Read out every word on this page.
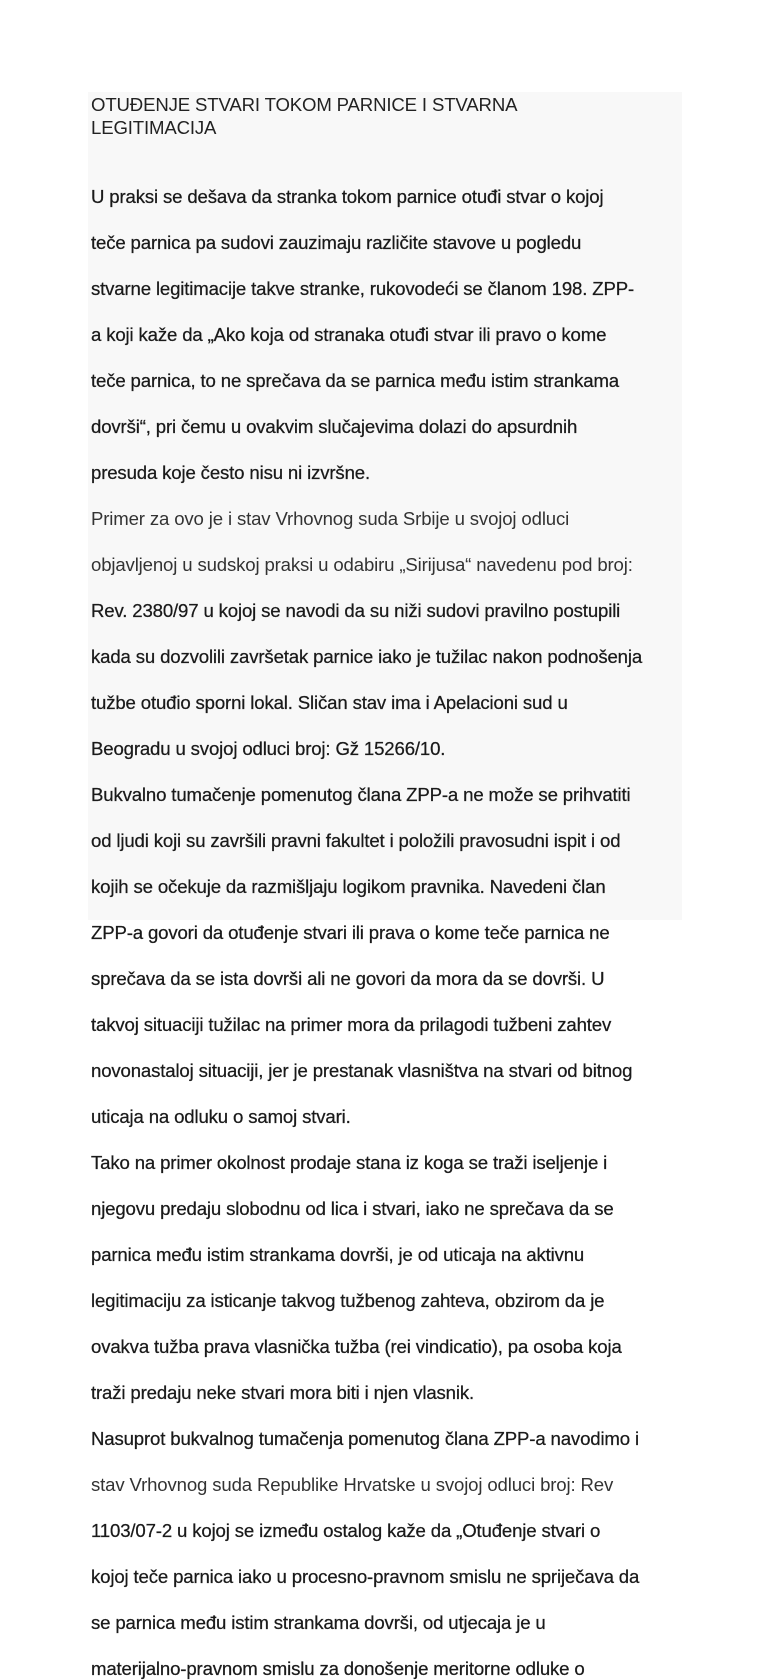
OTUĐENJE STVARI TOKOM PARNICE I STVARNA
LEGITIMACIJA

U praksi se dešava da stranka tokom parnice otuđi stvar o kojoj

teče parnica pa sudovi zauzimaju različite stavove u pogledu

stvarne legitimacije takve stranke, rukovodeći se članom 198. ZPP-

a koji kaže da „Ako koja od stranaka otuđi stvar ili pravo o kome

teče parnica, to ne sprečava da se parnica među istim strankama

dovrši“, pri čemu u ovakvim slučajevima dolazi do apsurdnih

presuda koje često nisu ni izvršne.

Primer za ovo je i stav Vrhovnog suda Srbije u svojoj odluci

objavljenoj u sudskoj praksi u odabiru „Sirijusa“ navedenu pod broj:

Rev. 2380/97 u kojoj se navodi da su niži sudovi pravilno postupili

kada su dozvolili završetak parnice iako je tužilac nakon podnošenja

tužbe otuđio sporni lokal. Sličan stav ima i Apelacioni sud u

Beogradu u svojoj odluci broj: Gž 15266/10.

Bukvalno tumačenje pomenutog člana ZPP-a ne može se prihvatiti

od ljudi koji su završili pravni fakultet i položili pravosudni ispit i od

kojih se očekuje da razmišljaju logikom pravnika. Navedeni član

ZPP-a govori da otuđenje stvari ili prava o kome teče parnica ne

sprečava da se ista dovrši ali ne govori da mora da se dovrši. U

takvoj situaciji tužilac na primer mora da prilagodi tužbeni zahtev

novonastaloj situaciji, jer je prestanak vlasništva na stvari od bitnog

uticaja na odluku o samoj stvari.

Tako na primer okolnost prodaje stana iz koga se traži iseljenje i

njegovu predaju slobodnu od lica i stvari, iako ne sprečava da se

parnica među istim strankama dovrši, je od uticaja na aktivnu

legitimaciju za isticanje takvog tužbenog zahteva, obzirom da je

ovakva tužba prava vlasnička tužba (rei vindicatio), pa osoba koja

traži predaju neke stvari mora biti i njen vlasnik.

Nasuprot bukvalnog tumačenja pomenutog člana ZPP-a navodimo i

stav Vrhovnog suda Republike Hrvatske u svojoj odluci broj: Rev

1103/07-2 u kojoj se između ostalog kaže da „Otuđenje stvari o

kojoj teče parnica iako u procesno-pravnom smislu ne spriječava da

se parnica među istim strankama dovrši, od utjecaja je u

materijalno-pravnom smislu za donošenje meritorne odluke o
